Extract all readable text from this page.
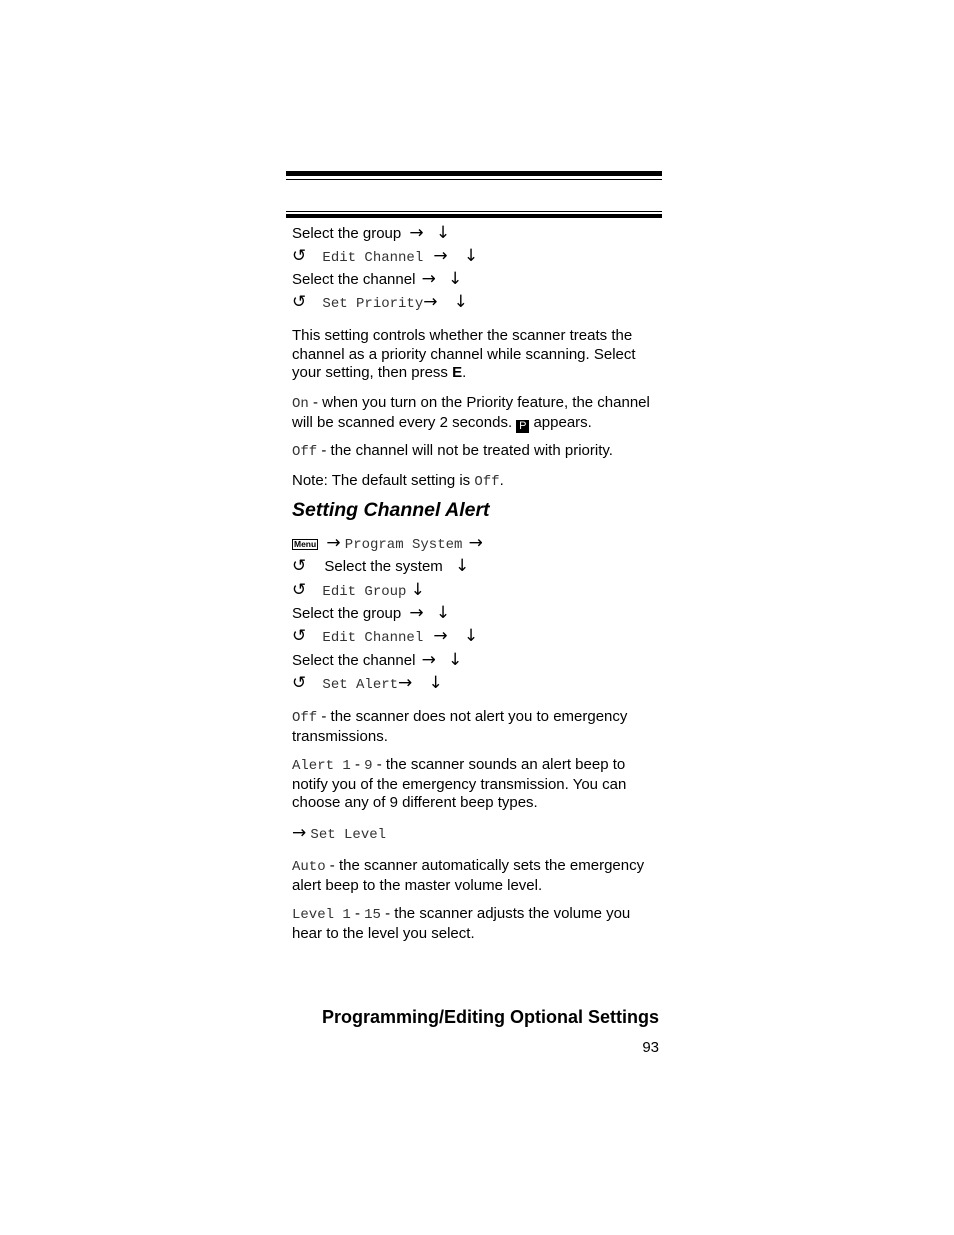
Select the group → ↓
↺ Edit Channel → ↓
Select the channel → ↓
↺ Set Priority→ ↓
This setting controls whether the scanner treats the channel as a priority channel while scanning. Select your setting, then press E.
On - when you turn on the Priority feature, the channel will be scanned every 2 seconds. P appears.
Off - the channel will not be treated with priority.
Note: The default setting is Off.
Setting Channel Alert
Menu → Program System →
↺ Select the system ↓
↺ Edit Group ↓
Select the group → ↓
↺ Edit Channel → ↓
Select the channel → ↓
↺ Set Alert→ ↓
Off - the scanner does not alert you to emergency transmissions.
Alert 1 - 9 - the scanner sounds an alert beep to notify you of the emergency transmission. You can choose any of 9 different beep types.
→ Set Level
Auto - the scanner automatically sets the emergency alert beep to the master volume level.
Level 1 - 15 - the scanner adjusts the volume you hear to the level you select.
Programming/Editing Optional Settings
93
